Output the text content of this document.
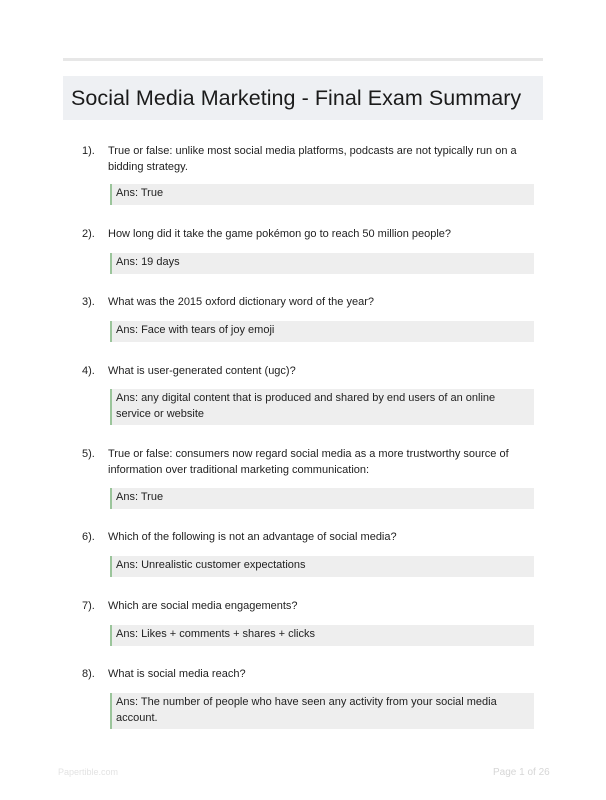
Social Media Marketing - Final Exam Summary
1). True or false: unlike most social media platforms, podcasts are not typically run on a bidding strategy.
Ans: True
2). How long did it take the game pokémon go to reach 50 million people?
Ans: 19 days
3). What was the 2015 oxford dictionary word of the year?
Ans: Face with tears of joy emoji
4). What is user-generated content (ugc)?
Ans: any digital content that is produced and shared by end users of an online service or website
5). True or false: consumers now regard social media as a more trustworthy source of information over traditional marketing communication:
Ans: True
6). Which of the following is not an advantage of social media?
Ans: Unrealistic customer expectations
7). Which are social media engagements?
Ans: Likes + comments + shares + clicks
8). What is social media reach?
Ans: The number of people who have seen any activity from your social media account.
Papertible.com	Page 1 of 26
